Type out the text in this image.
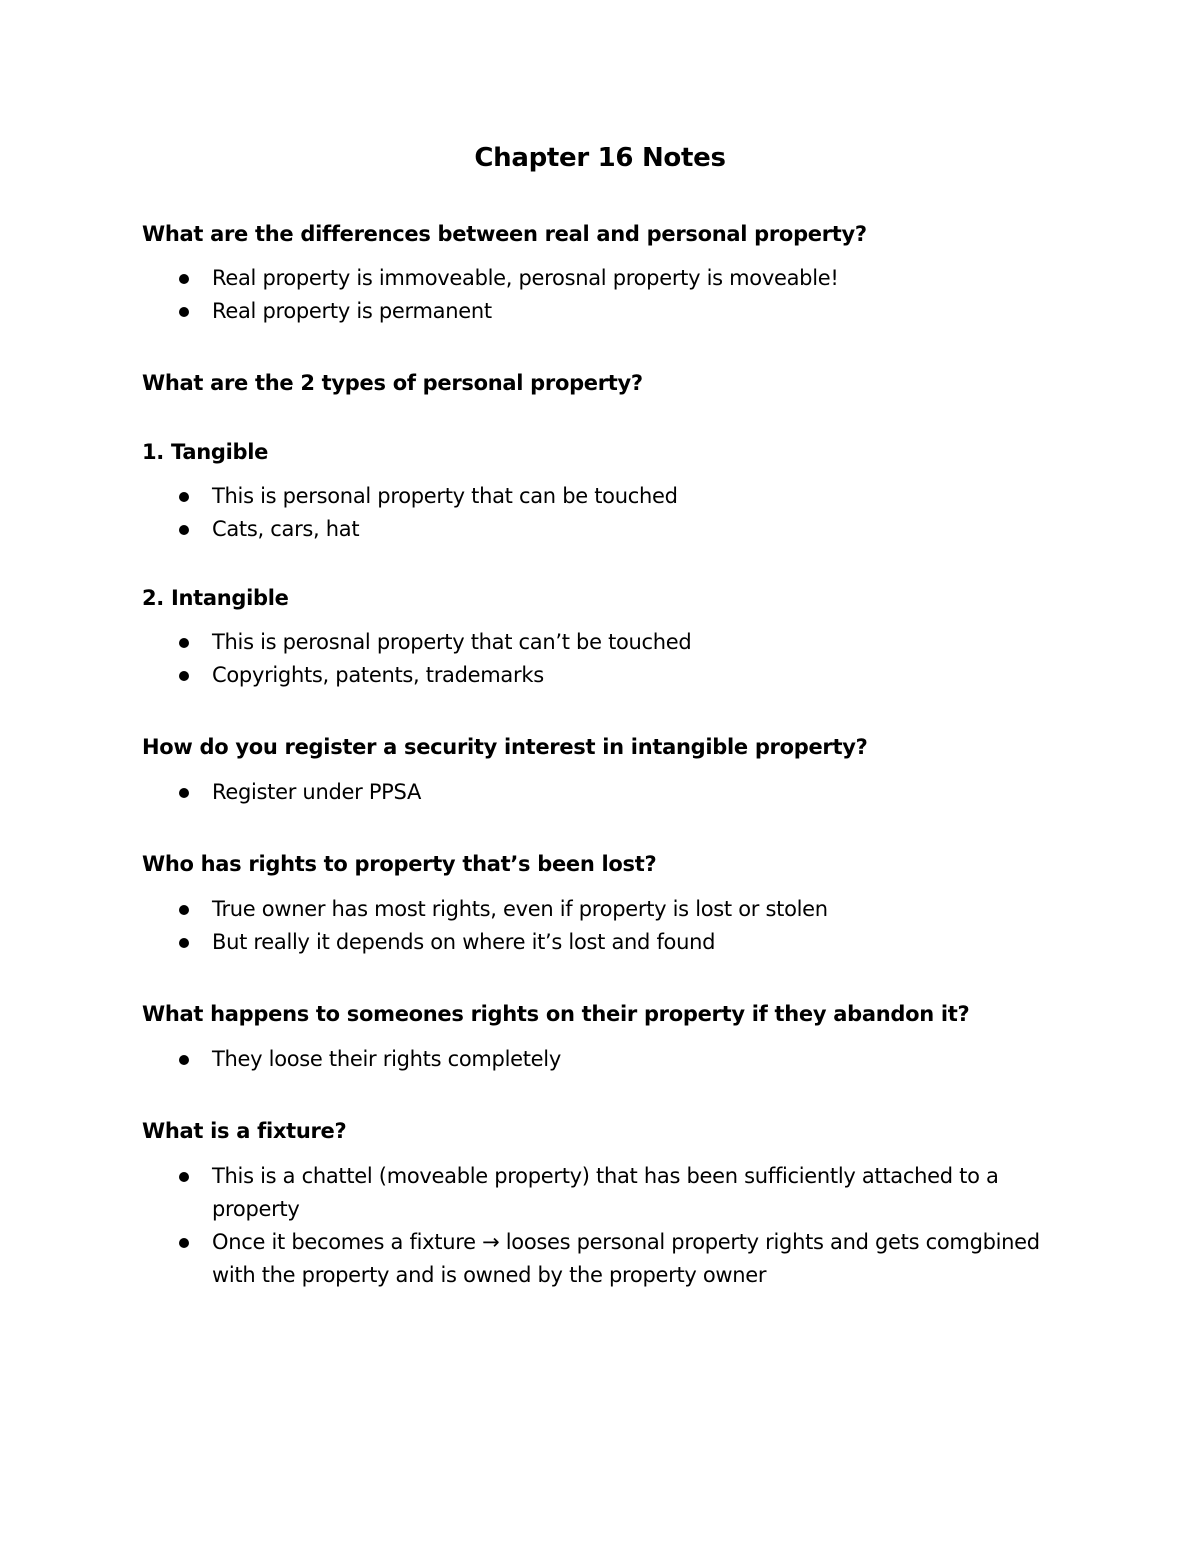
Chapter 16 Notes

What are the differences between real and personal property?

Real property is immoveable, perosnal property is moveable!
Real property is permanent

What are the 2 types of personal property?

1. Tangible

This is personal property that can be touched
Cats, cars, hat

2. Intangible

This is perosnal property that can’t be touched
Copyrights, patents, trademarks

How do you register a security interest in intangible property?

Register under PPSA

Who has rights to property that’s been lost?

True owner has most rights, even if property is lost or stolen
But really it depends on where it’s lost and found

What happens to someones rights on their property if they abandon it?

They loose their rights completely

What is a fixture?

This is a chattel (moveable property) that has been sufficiently attached to a property
Once it becomes a fixture → looses personal property rights and gets comgbined with the property and is owned by the property owner
